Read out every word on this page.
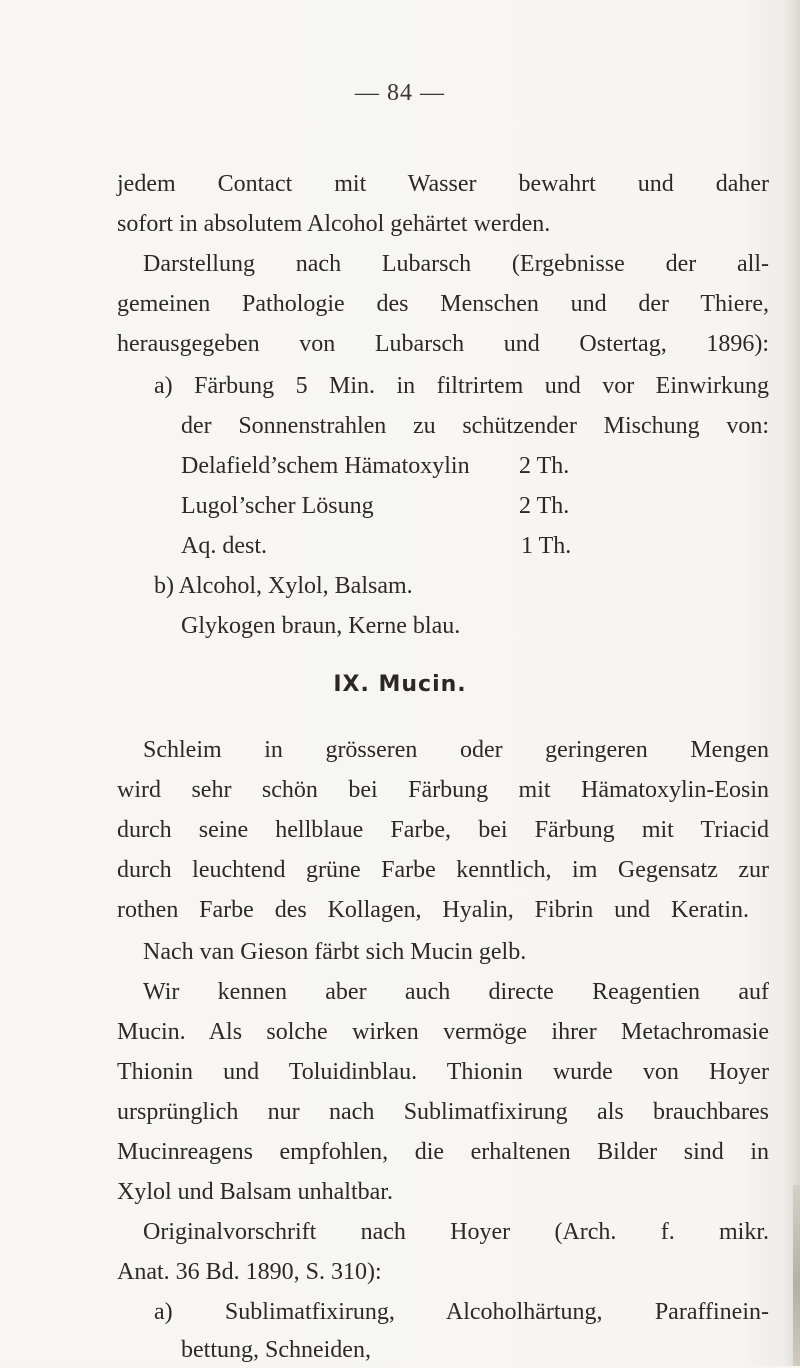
— 84 —
jedem Contact mit Wasser bewahrt und daher
sofort in absolutem Alcohol gehärtet werden.
Darstellung nach Lubarsch (Ergebnisse der all-
gemeinen Pathologie des Menschen und der Thiere,
herausgegeben von Lubarsch und Ostertag, 1896):
a) Färbung 5 Min. in filtrirtem und vor Einwirkung
der Sonnenstrahlen zu schützender Mischung von:
Delafield’schem Hämatoxylin 2 Th.
Lugol’scher Lösung	2 Th.
Aq. dest.	1 Th.
b) Alcohol, Xylol, Balsam.
Glykogen braun, Kerne blau.
Schleim in grösseren oder geringeren Mengen
wird sehr schön bei Färbung mit Hämatoxylin-Eosin
durch seine hellblaue Farbe, bei Färbung mit Triacid
durch leuchtend grüne Farbe kenntlich, im Gegensatz zur
rothen Farbe des Kollagen, Hyalin, Fibrin und Keratin.
Nach van Gieson färbt sich Mucin gelb.
Wir kennen aber auch directe Reagentien auf
Mucin. Als solche wirken vermöge ihrer Metachromasie
Thionin und Toluidinblau. Thionin wurde von Hoyer
ursprünglich nur nach Sublimatfixirung als brauchbares
Mucinreagens empfohlen, die erhaltenen Bilder sind in
Xylol und Balsam unhaltbar.
Originalvorschrift nach Hoyer (Arch. f. mikr.
Anat. 36 Bd. 1890, S. 310):
a) Sublimatfixirung, Alcoholhärtung, Paraffinein-
bettung, Schneiden,
IX. Mucin.
